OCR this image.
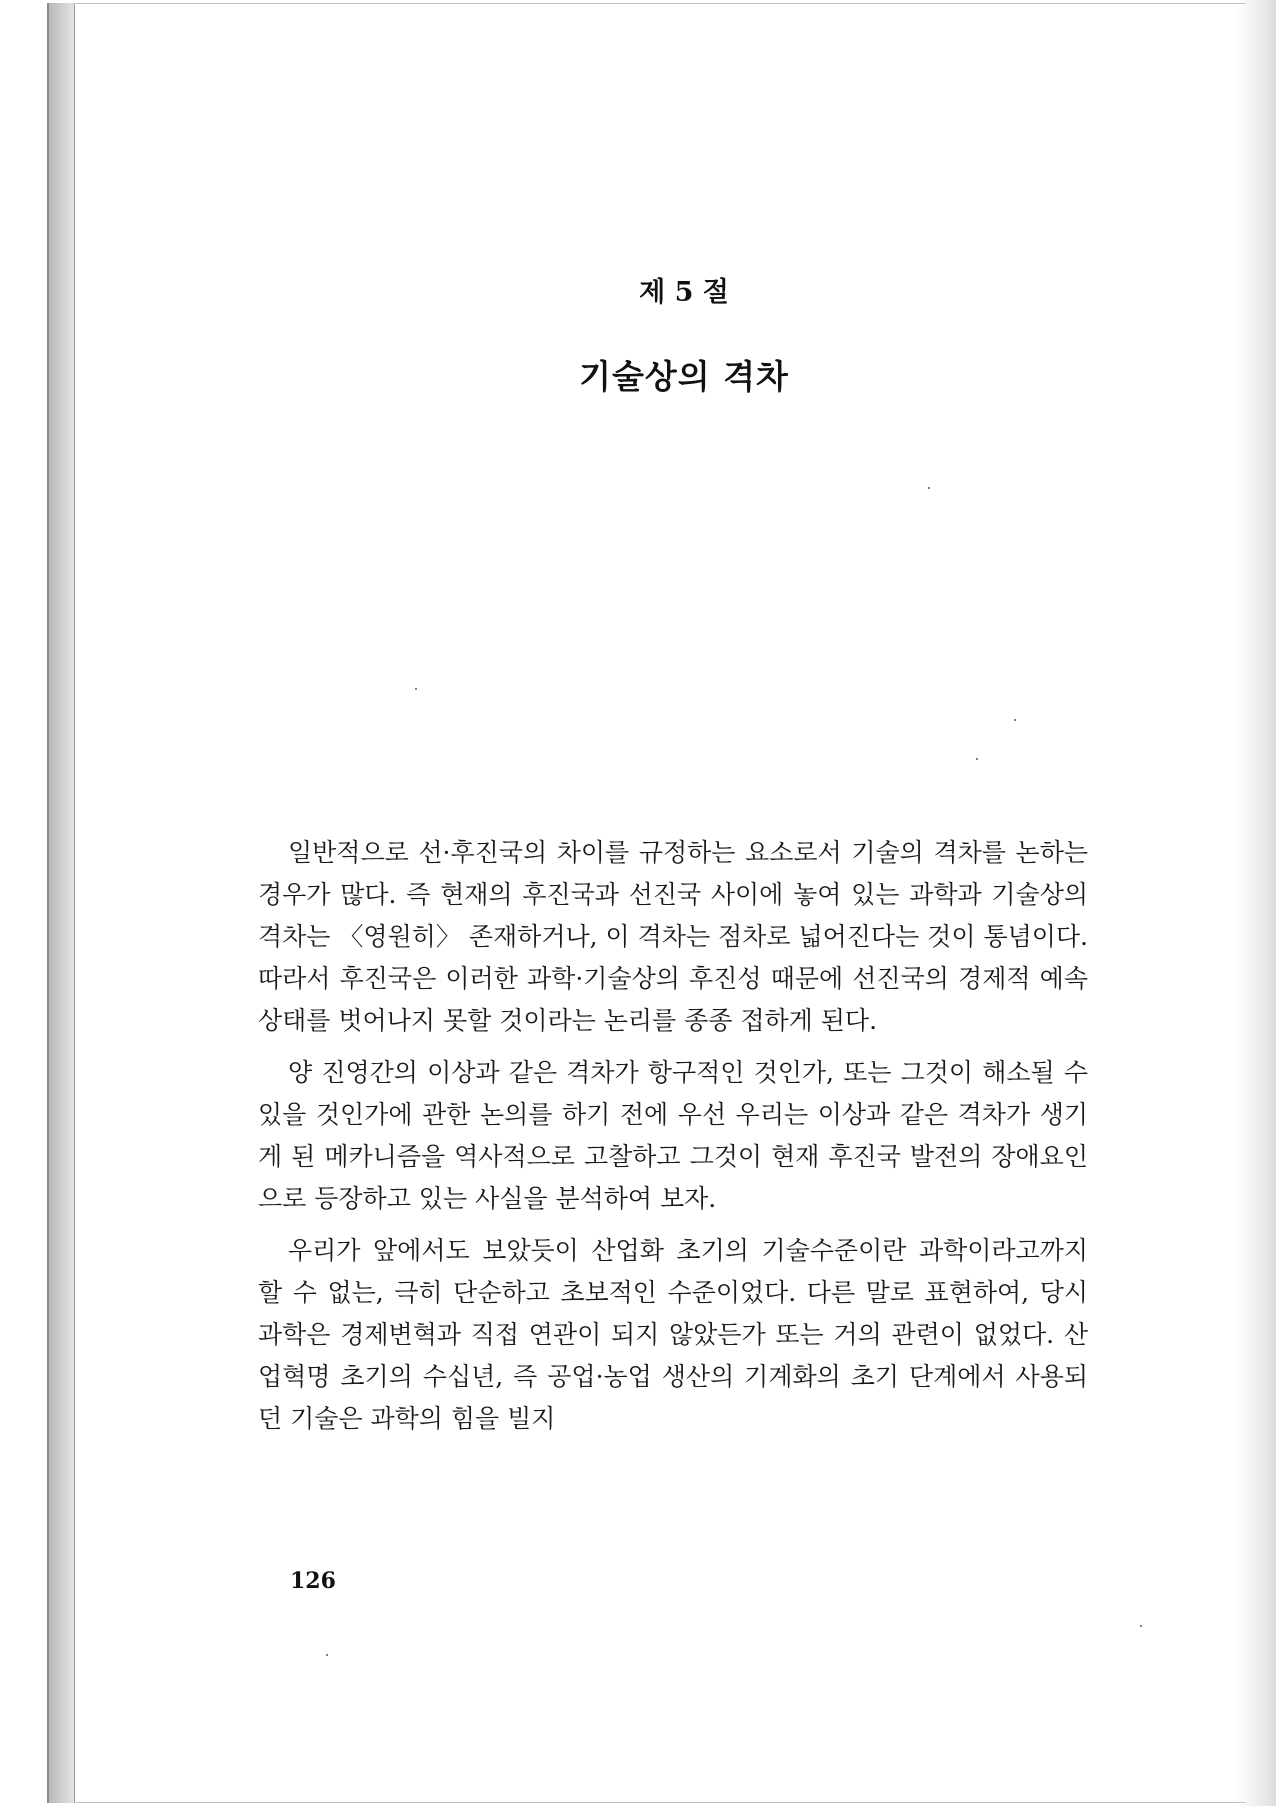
제 5 절
기술상의 격차

일반적으로 선·후진국의 차이를 규정하는 요소로서 기술의 격차를 논하는 경우가 많다. 즉 현재의 후진국과 선진국 사이에 놓여 있는 과학과 기술상의 격차는 〈영원히〉 존재하거나, 이 격차는 점차로 넓어진다는 것이 통념이다. 따라서 후진국은 이러한 과학·기술상의 후진성 때문에 선진국의 경제적 예속상태를 벗어나지 못할 것이라는 논리를 종종 접하게 된다.

양 진영간의 이상과 같은 격차가 항구적인 것인가, 또는 그것이 해소될 수 있을 것인가에 관한 논의를 하기 전에 우선 우리는 이상과 같은 격차가 생기게 된 메카니즘을 역사적으로 고찰하고 그것이 현재 후진국 발전의 장애요인으로 등장하고 있는 사실을 분석하여 보자.

우리가 앞에서도 보았듯이 산업화 초기의 기술수준이란 과학이라고까지 할 수 없는, 극히 단순하고 초보적인 수준이었다. 다른 말로 표현하여, 당시 과학은 경제변혁과 직접 연관이 되지 않았든가 또는 거의 관련이 없었다. 산업혁명 초기의 수십년, 즉 공업·농업 생산의 기계화의 초기 단계에서 사용되던 기술은 과학의 힘을 빌지

126
